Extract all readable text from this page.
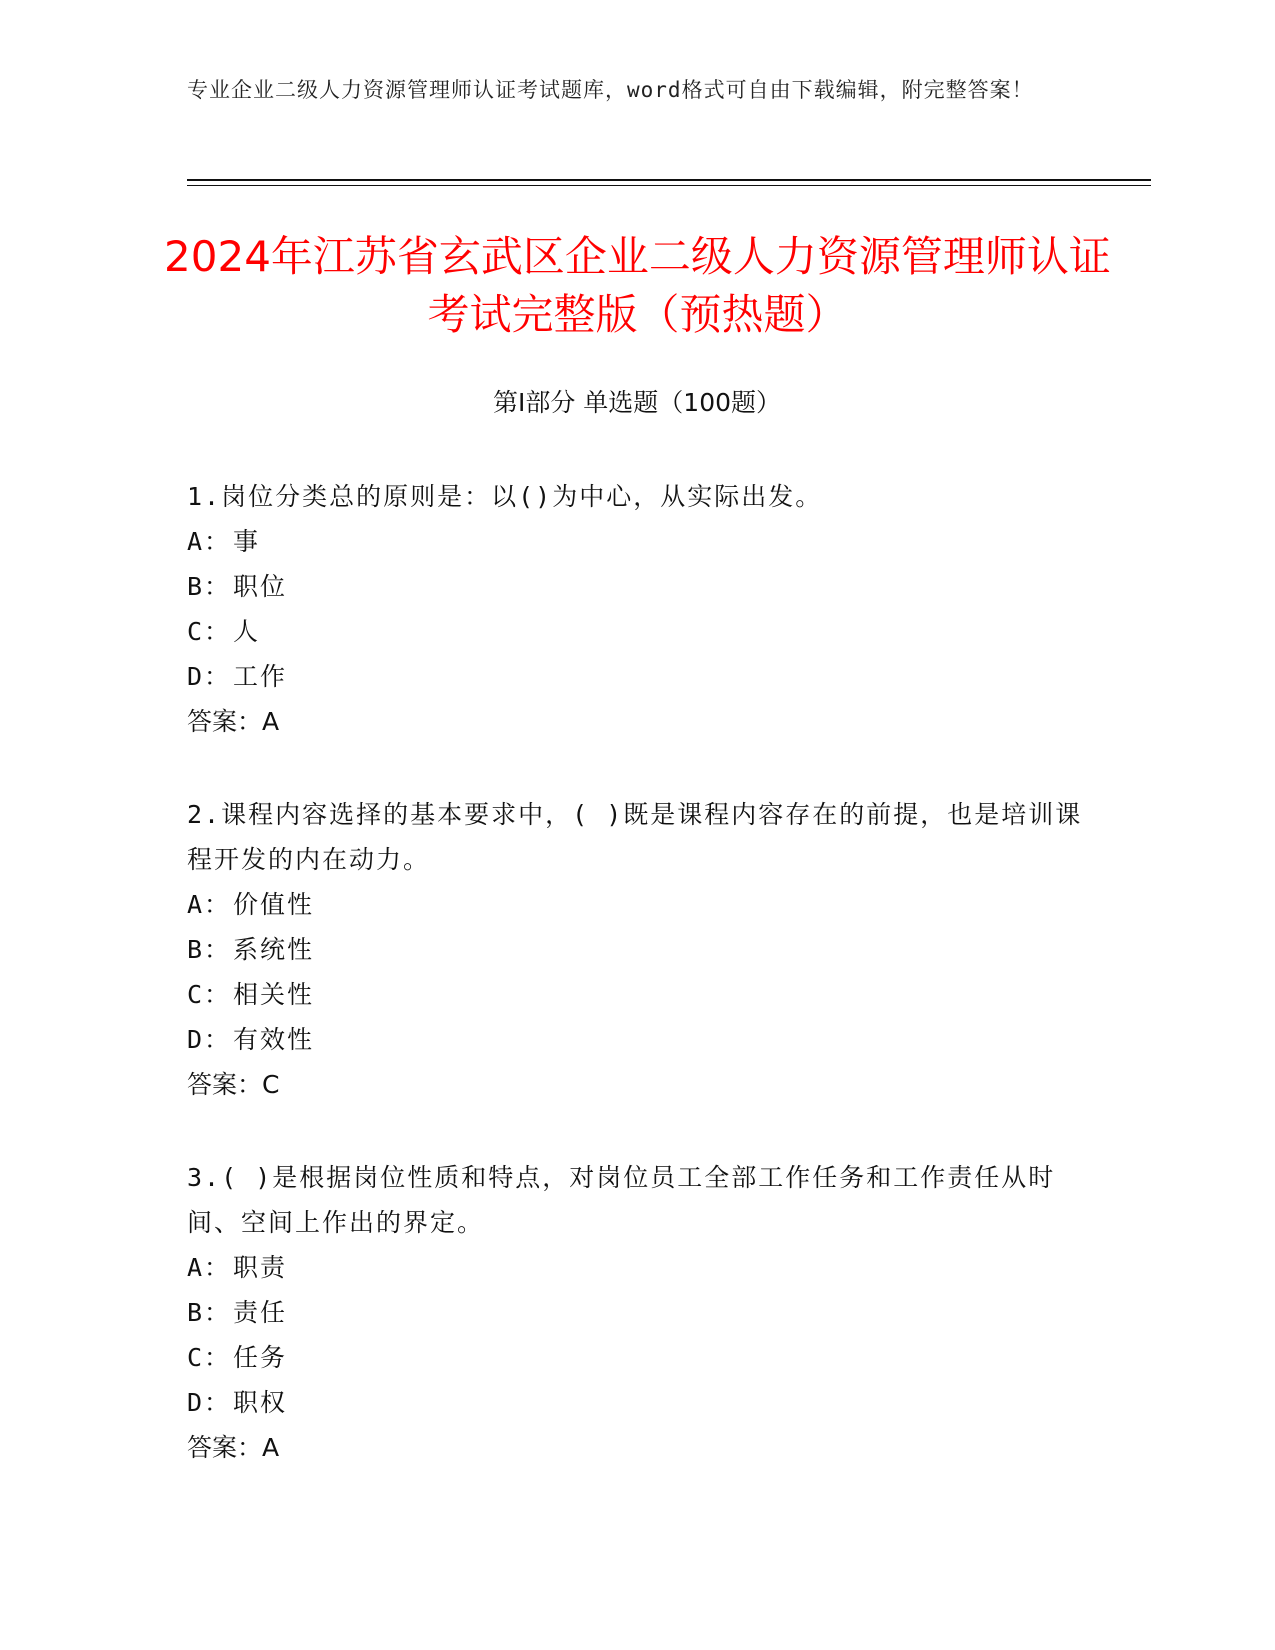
专业企业二级人力资源管理师认证考试题库，word格式可自由下载编辑，附完整答案！
2024年江苏省玄武区企业二级人力资源管理师认证考试完整版（预热题）
第I部分 单选题（100题）

1.岗位分类总的原则是：以()为中心，从实际出发。

A：事

B：职位

C：人

D：工作

答案：A

2.课程内容选择的基本要求中，( )既是课程内容存在的前提，也是培训课程开发的内在动力。

A：价值性

B：系统性

C：相关性

D：有效性

答案：C

3.( )是根据岗位性质和特点，对岗位员工全部工作任务和工作责任从时间、空间上作出的界定。

A：职责

B：责任

C：任务

D：职权

答案：A
